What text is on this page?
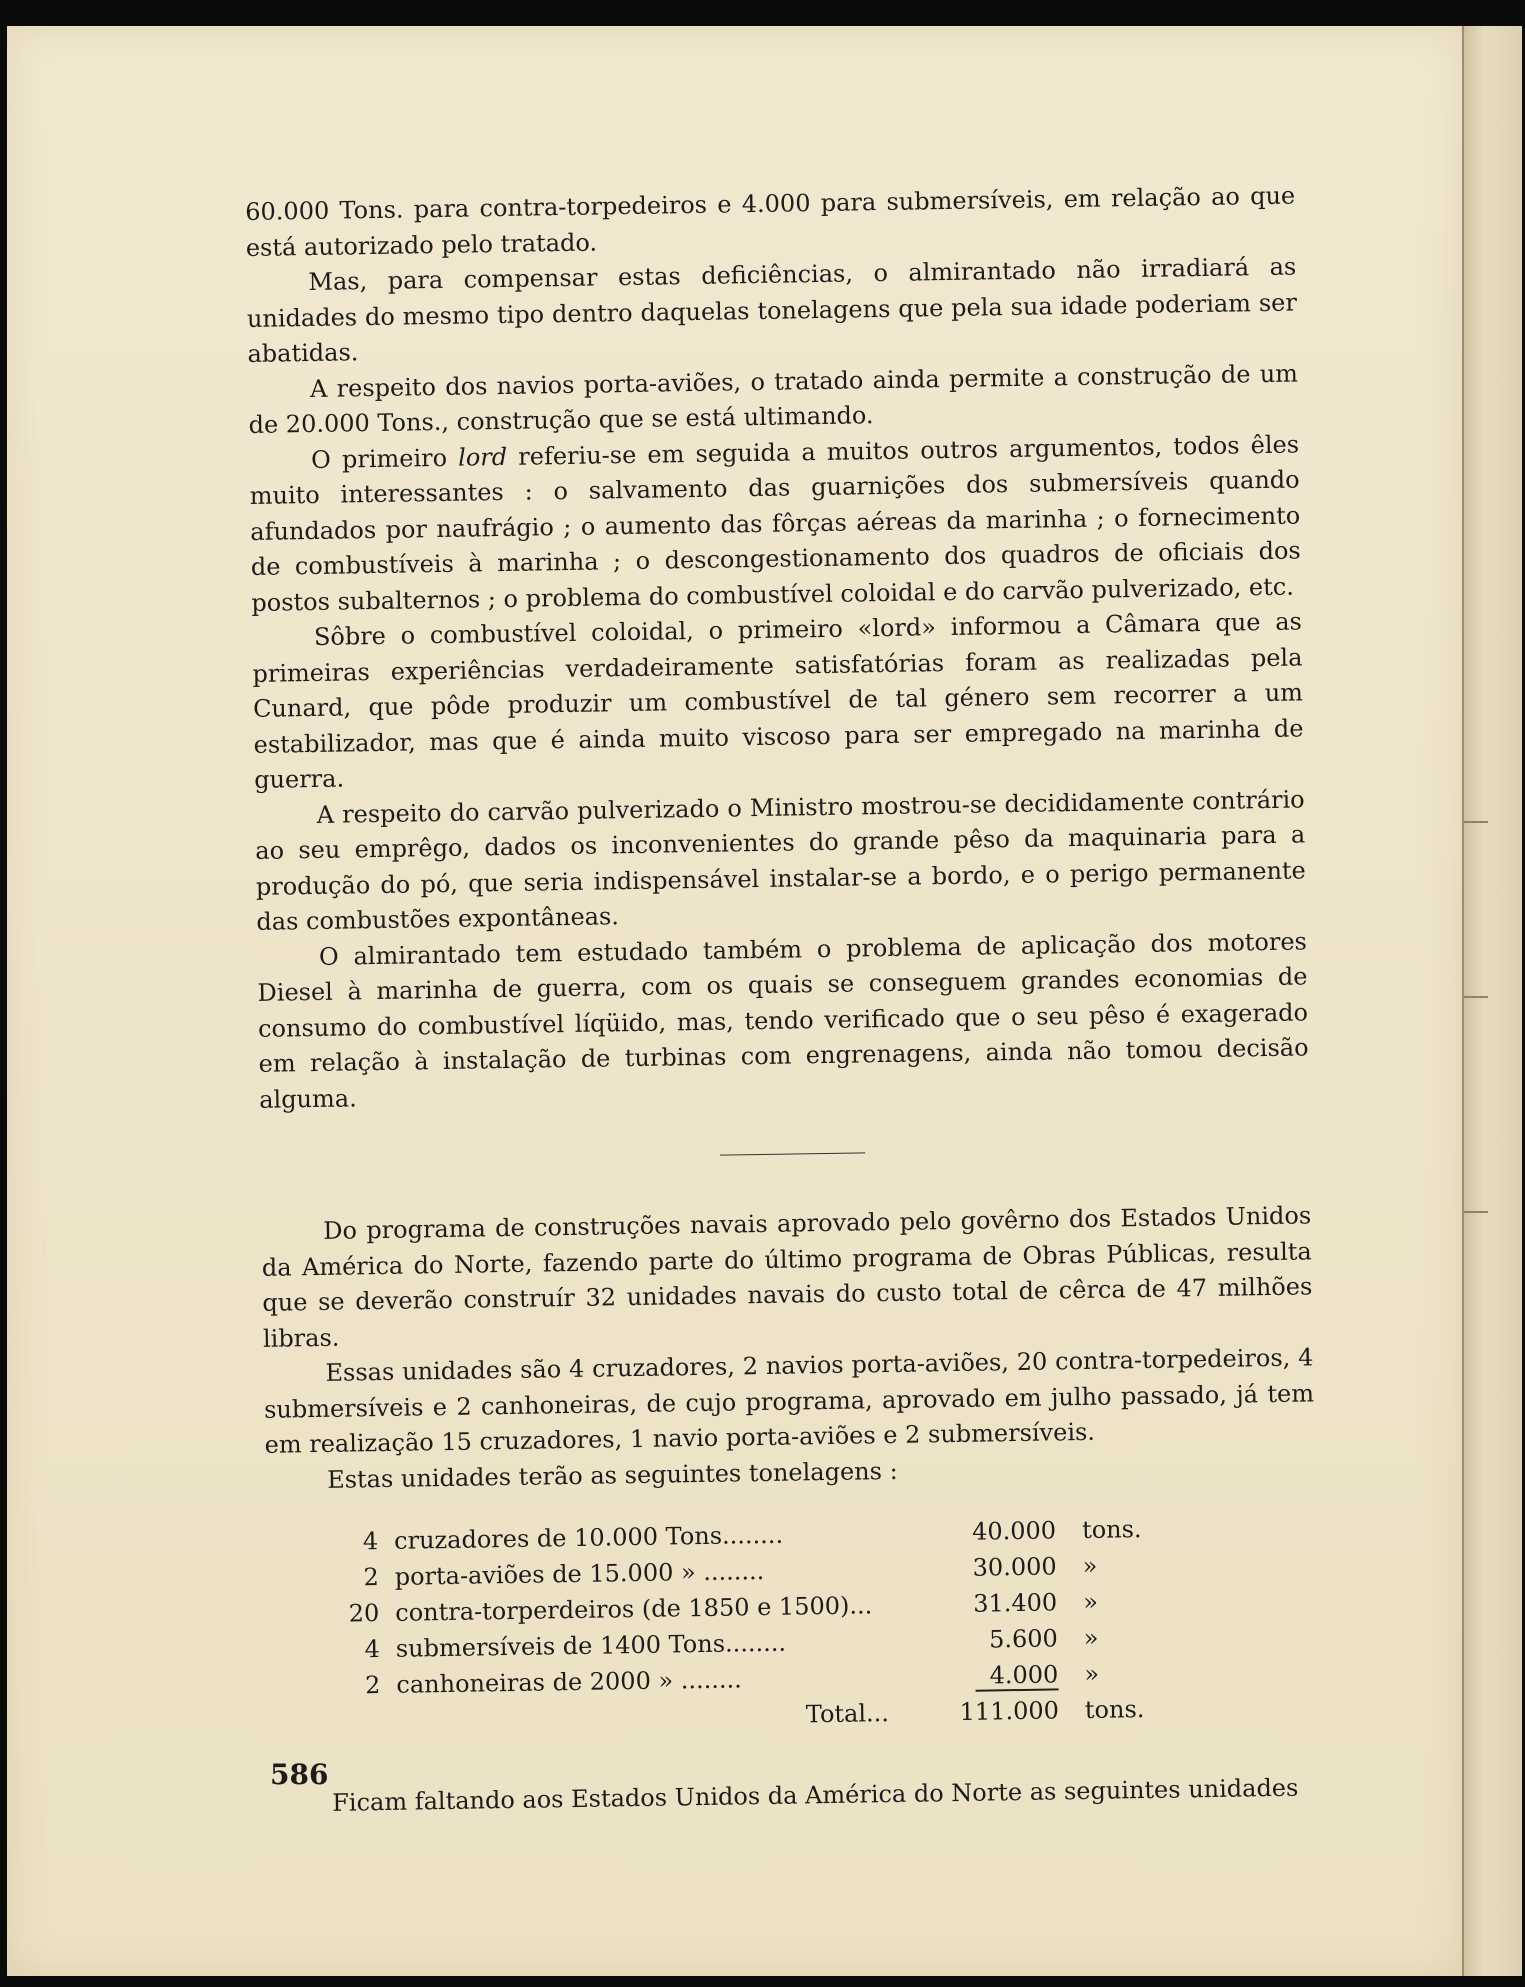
60.000 Tons. para contra-torpedeiros e 4.000 para submersíveis, em relação ao que está autorizado pelo tratado.

Mas, para compensar estas deficiências, o almirantado não irradiará as unidades do mesmo tipo dentro daquelas tonelagens que pela sua idade poderiam ser abatidas.

A respeito dos navios porta-aviões, o tratado ainda permite a construção de um de 20.000 Tons., construção que se está ultimando.

O primeiro lord referiu-se em seguida a muitos outros argumentos, todos êles muito interessantes : o salvamento das guarnições dos submersíveis quando afundados por naufrágio ; o aumento das fôrças aéreas da marinha ; o fornecimento de combustíveis à marinha ; o descongestionamento dos quadros de oficiais dos postos subalternos ; o problema do combustível coloidal e do carvão pulverizado, etc.

Sôbre o combustível coloidal, o primeiro «lord» informou a Câmara que as primeiras experiências verdadeiramente satisfatórias foram as realizadas pela Cunard, que pôde produzir um combustível de tal género sem recorrer a um estabilizador, mas que é ainda muito viscoso para ser empregado na marinha de guerra.

A respeito do carvão pulverizado o Ministro mostrou-se decididamente contrário ao seu emprêgo, dados os inconvenientes do grande pêso da maquinaria para a produção do pó, que seria indispensável instalar-se a bordo, e o perigo permanente das combustões expontâneas.

O almirantado tem estudado também o problema de aplicação dos motores Diesel à marinha de guerra, com os quais se conseguem grandes economias de consumo do combustível líqüido, mas, tendo verificado que o seu pêso é exagerado em relação à instalação de turbinas com engrenagens, ainda não tomou decisão alguma.

Do programa de construções navais aprovado pelo govêrno dos Estados Unidos da América do Norte, fazendo parte do último programa de Obras Públicas, resulta que se deverão construír 32 unidades navais do custo total de cêrca de 47 milhões libras.

Essas unidades são 4 cruzadores, 2 navios porta-aviões, 20 contra-torpedeiros, 4 submersíveis e 2 canhoneiras, de cujo programa, aprovado em julho passado, já tem em realização 15 cruzadores, 1 navio porta-aviões e 2 submersíveis.

Estas unidades terão as seguintes tonelagens :

4	cruzadores de 10.000 Tons........	40.000	tons.
2	porta-aviões de 15.000 » ........	30.000	»
20	contra-torperdeiros (de 1850 e 1500)...	31.400	»
4	submersíveis de 1400 Tons........	5.600	»
2	canhoneiras de 2000 » ........	4.000	»
	Total...	111.000	tons.

Ficam faltando aos Estados Unidos da América do Norte as seguintes unidades

586
